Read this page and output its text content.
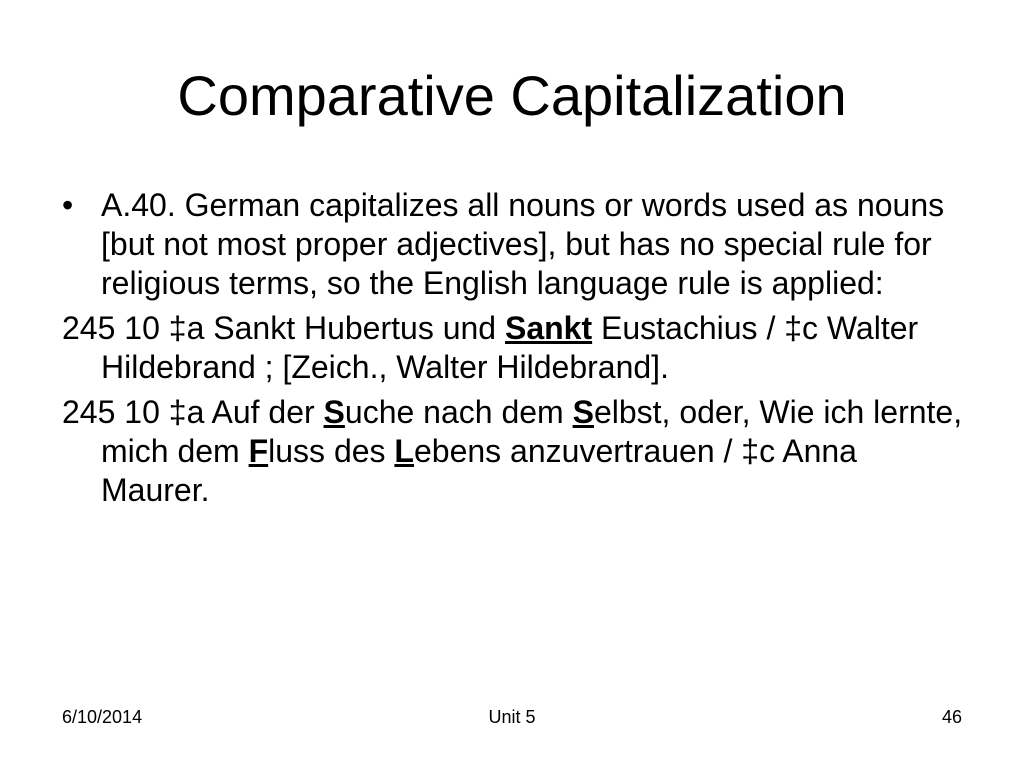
Comparative Capitalization

• A.40. German capitalizes all nouns or words used as nouns [but not most proper adjectives], but has no special rule for religious terms, so the English language rule is applied:

245 10 ‡a Sankt Hubertus und Sankt Eustachius / ‡c Walter Hildebrand ; [Zeich., Walter Hildebrand].

245 10 ‡a Auf der Suche nach dem Selbst, oder, Wie ich lernte, mich dem Fluss des Lebens anzuvertrauen / ‡c Anna Maurer.

6/10/2014	Unit 5	46
